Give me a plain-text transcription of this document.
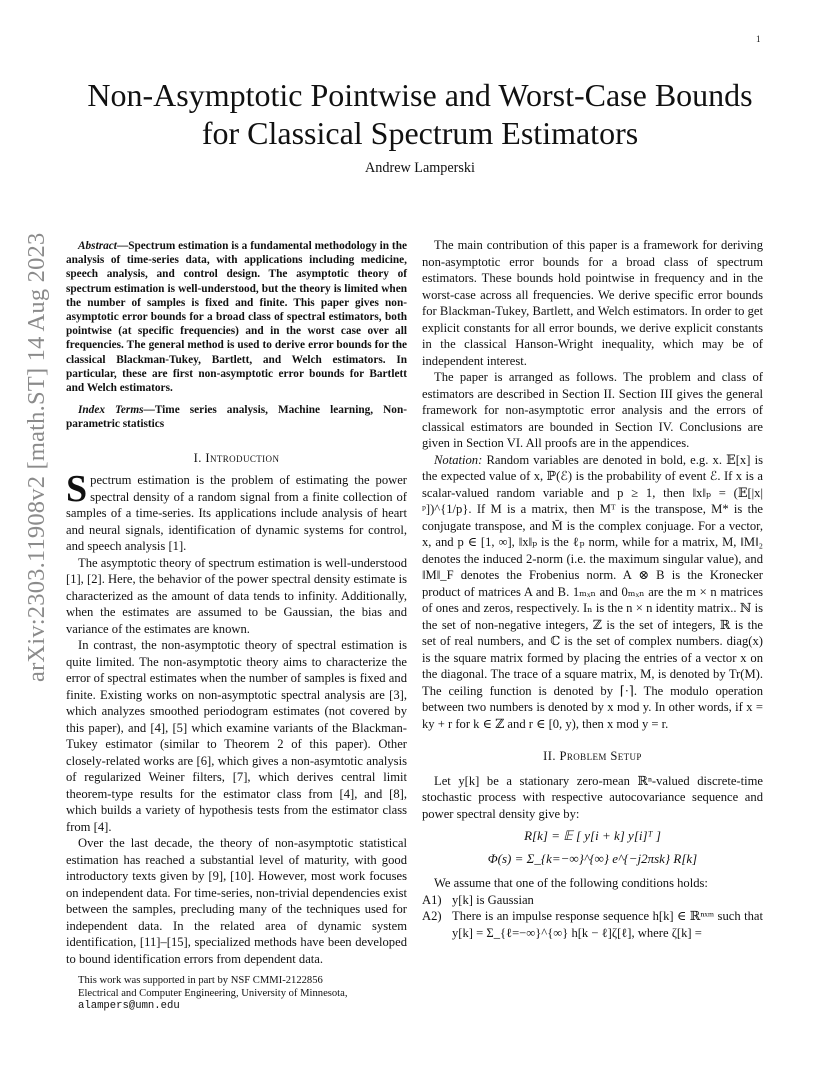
1
arXiv:2303.11908v2 [math.ST] 14 Aug 2023
Non-Asymptotic Pointwise and Worst-Case Bounds
for Classical Spectrum Estimators
Andrew Lamperski

Abstract—Spectrum estimation is a fundamental methodology in the analysis of time-series data, with applications including medicine, speech analysis, and control design. The asymptotic theory of spectrum estimation is well-understood, but the theory is limited when the number of samples is fixed and finite. This paper gives non-asymptotic error bounds for a broad class of spectral estimators, both pointwise (at specific frequencies) and in the worst case over all frequencies. The general method is used to derive error bounds for the classical Blackman-Tukey, Bartlett, and Welch estimators. In particular, these are first non-asymptotic error bounds for Bartlett and Welch estimators.

Index Terms—Time series analysis, Machine learning, Non-parametric statistics

I. Introduction

Spectrum estimation is the problem of estimating the power spectral density of a random signal from a finite collection of samples of a time-series. Its applications include analysis of heart and neural signals, identification of dynamic systems for control, and speech analysis [1].

The asymptotic theory of spectrum estimation is well-understood [1], [2]. Here, the behavior of the power spectral density estimate is characterized as the amount of data tends to infinity. Additionally, when the estimates are assumed to be Gaussian, the bias and variance of the estimates are known.

In contrast, the non-asymptotic theory of spectral estimation is quite limited. The non-asymptotic theory aims to characterize the error of spectral estimates when the number of samples is fixed and finite. Existing works on non-asymptotic spectral analysis are [3], which analyzes smoothed periodogram estimates (not covered by this paper), and [4], [5] which examine variants of the Blackman-Tukey estimator (similar to Theorem 2 of this paper). Other closely-related works are [6], which gives a non-asymtotic analysis of regularized Weiner filters, [7], which derives central limit theorem-type results for the estimator class from [4], and [8], which builds a variety of hypothesis tests from the estimator class from [4].

Over the last decade, the theory of non-asymptotic statistical estimation has reached a substantial level of maturity, with good introductory texts given by [9], [10]. However, most work focuses on independent data. For time-series, non-trivial dependencies exist between the samples, precluding many of the techniques used for independent data. In the related area of dynamic system identification, [11]–[15], specialized methods have been developed to bound identification errors from dependent data.

This work was supported in part by NSF CMMI-2122856

Electrical and Computer Engineering, University of Minnesota,

alampers@umn.edu

The main contribution of this paper is a framework for deriving non-asymptotic error bounds for a broad class of spectrum estimators. These bounds hold pointwise in frequency and in the worst-case across all frequencies. We derive specific error bounds for Blackman-Tukey, Bartlett, and Welch estimators. In order to get explicit constants for all error bounds, we derive explicit constants in the classical Hanson-Wright inequality, which may be of independent interest.

The paper is arranged as follows. The problem and class of estimators are described in Section II. Section III gives the general framework for non-asymptotic error analysis and the errors of classical estimators are bounded in Section IV. Conclusions are given in Section VI. All proofs are in the appendices.

Notation: Random variables are denoted in bold, e.g. x. 𝔼[x] is the expected value of x, ℙ(ℰ) is the probability of event ℰ. If x is a scalar-valued random variable and p ≥ 1, then ‖x‖ₚ = (𝔼[|x|ᵖ])^{1/p}. If M is a matrix, then Mᵀ is the transpose, M* is the conjugate transpose, and M̄ is the complex conjuage. For a vector, x, and p ∈ [1, ∞], ‖x‖ₚ is the ℓₚ norm, while for a matrix, M, ‖M‖₂ denotes the induced 2-norm (i.e. the maximum singular value), and ‖M‖_F denotes the Frobenius norm. A ⊗ B is the Kronecker product of matrices A and B. 1ₘₓₙ and 0ₘₓₙ are the m × n matrices of ones and zeros, respectively. Iₙ is the n × n identity matrix.. ℕ is the set of non-negative integers, ℤ is the set of integers, ℝ is the set of real numbers, and ℂ is the set of complex numbers. diag(x) is the square matrix formed by placing the entries of a vector x on the diagonal. The trace of a square matrix, M, is denoted by Tr(M). The ceiling function is denoted by ⌈·⌉. The modulo operation between two numbers is denoted by x mod y. In other words, if x = ky + r for k ∈ ℤ and r ∈ [0, y), then x mod y = r.

II. Problem Setup

Let y[k] be a stationary zero-mean ℝⁿ-valued discrete-time stochastic process with respective autocovariance sequence and power spectral density give by:

R[k] = 𝔼 [ y[i + k] y[i]ᵀ ]
Φ(s) = Σ_{k=−∞}^{∞} e^{−j2πsk} R[k]

We assume that one of the following conditions holds:

A1) y[k] is Gaussian
A2) There is an impulse response sequence h[k] ∈ ℝⁿˣᵐ such that y[k] = Σ_{ℓ=−∞}^{∞} h[k − ℓ]ζ[ℓ], where ζ[k] =
